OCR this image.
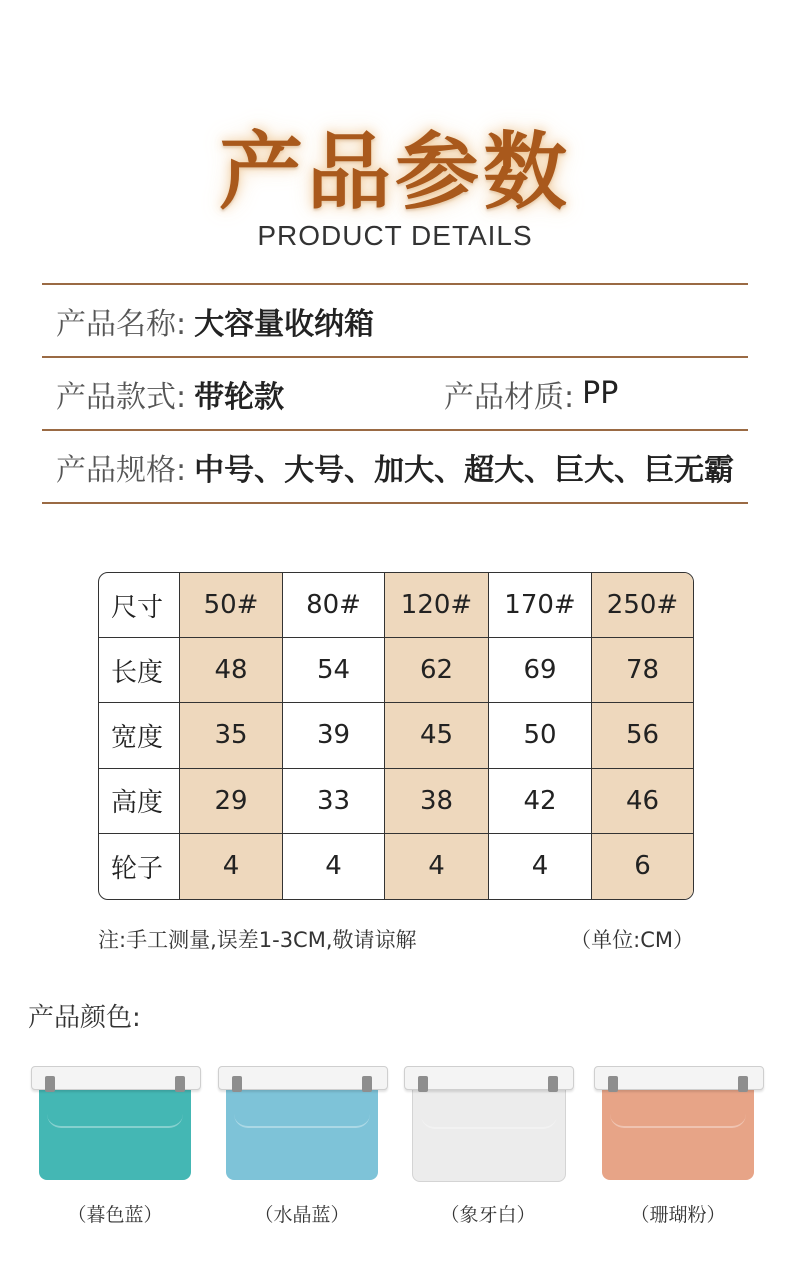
产品参数
PRODUCT DETAILS
产品名称: 大容量收纳箱
产品款式: 带轮款	产品材质: PP
产品规格: 中号、大号、加大、超大、巨大、巨无霸
尺寸	50#	80#	120#	170#	250#
长度	48	54	62	69	78
宽度	35	39	45	50	56
高度	29	33	38	42	46
轮子	4	4	4	4	6
注:手工测量,误差1-3CM,敬请谅解	（单位:CM）
产品颜色:
（暮色蓝）	（水晶蓝）	（象牙白）	（珊瑚粉）
